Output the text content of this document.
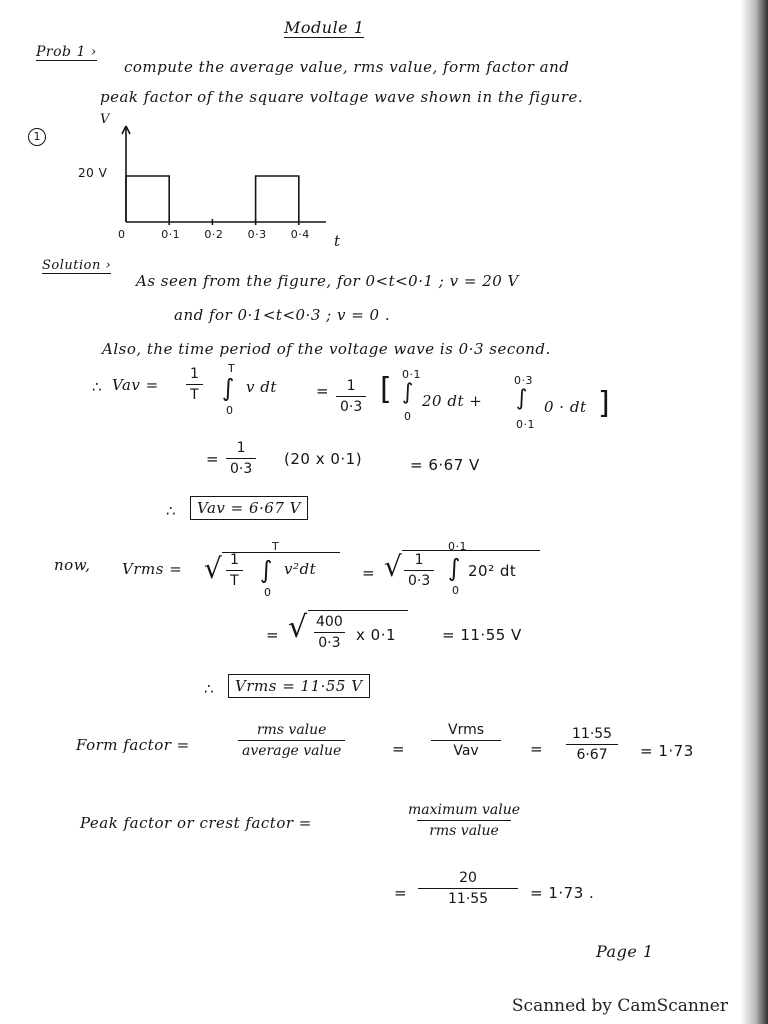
Module 1
Prob 1 ›
compute the average value, rms value, form factor and
peak factor of the square voltage wave shown in the figure.
1
V
20 V
t
0	0·1 0·2 0·3 0·4
Solution ›
As seen from the figure, for 0<t<0·1 ; v = 20 V
and for 0·1<t<0·3 ; v = 0 .
Also, the time period of the voltage wave is 0·3 second.
∴ Vav = $\frac{1}{T}$ T
∫
0
v dt	= $\frac{1}{0\cdot 3}$ [ 0·1
∫
0
20 dt +
0·3
∫
0·1
0 · dt ]
= $\frac{1}{0\cdot 3} (20$ x 0·1)	= 6·67 V
∴	Vav = 6·67 V
now, Vrms = √ $\frac{1}{T}$
T
∫
0
v²dt	= √ $\frac{1}{0\cdot 3}$
0·1
∫
0
20² dt
= √ $\frac{400}{0\cdot 3}$ x 0·1	= 11·55 V
∴	Vrms = 11·55 V
Form factor =
rms value
average value	=
Vrms
Vav	= $\frac{11\cdot 55}{6\cdot 67} = 1\cdot 73$
Peak factor or crest factor =
maximum value
rms value
= $\frac{20}{11\cdot 55} = 1\cdot 73$ .
Page 1
Scanned by CamScanner
